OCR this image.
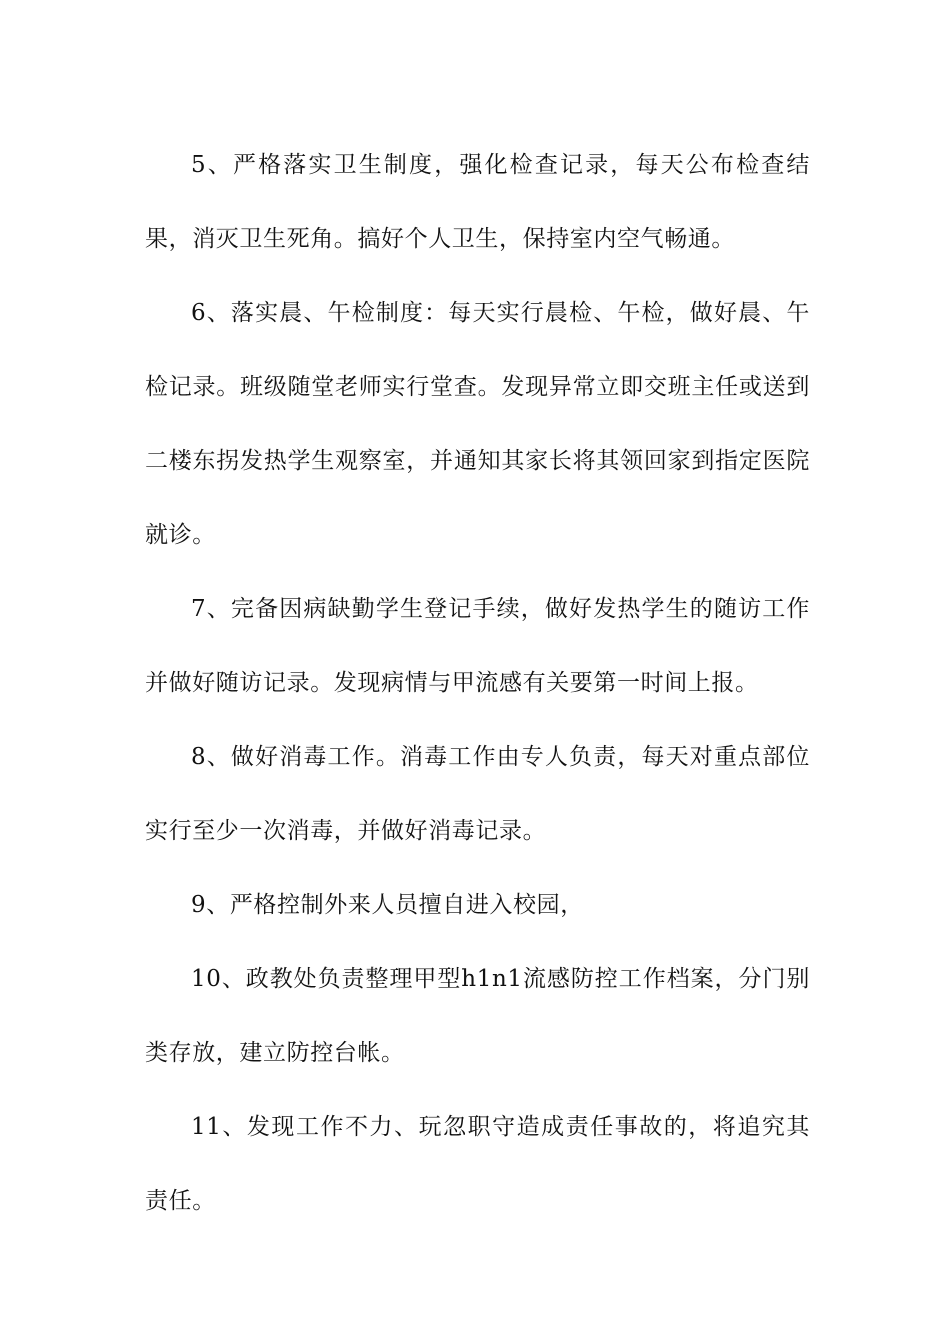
5、严格落实卫生制度，强化检查记录，每天公布检查结果，消灭卫生死角。搞好个人卫生，保持室内空气畅通。

6、落实晨、午检制度：每天实行晨检、午检，做好晨、午检记录。班级随堂老师实行堂查。发现异常立即交班主任或送到二楼东拐发热学生观察室，并通知其家长将其领回家到指定医院就诊。

7、完备因病缺勤学生登记手续，做好发热学生的随访工作并做好随访记录。发现病情与甲流感有关要第一时间上报。

8、做好消毒工作。消毒工作由专人负责，每天对重点部位实行至少一次消毒，并做好消毒记录。

9、严格控制外来人员擅自进入校园，

10、政教处负责整理甲型h1n1流感防控工作档案，分门别类存放，建立防控台帐。

11、发现工作不力、玩忽职守造成责任事故的，将追究其责任。
